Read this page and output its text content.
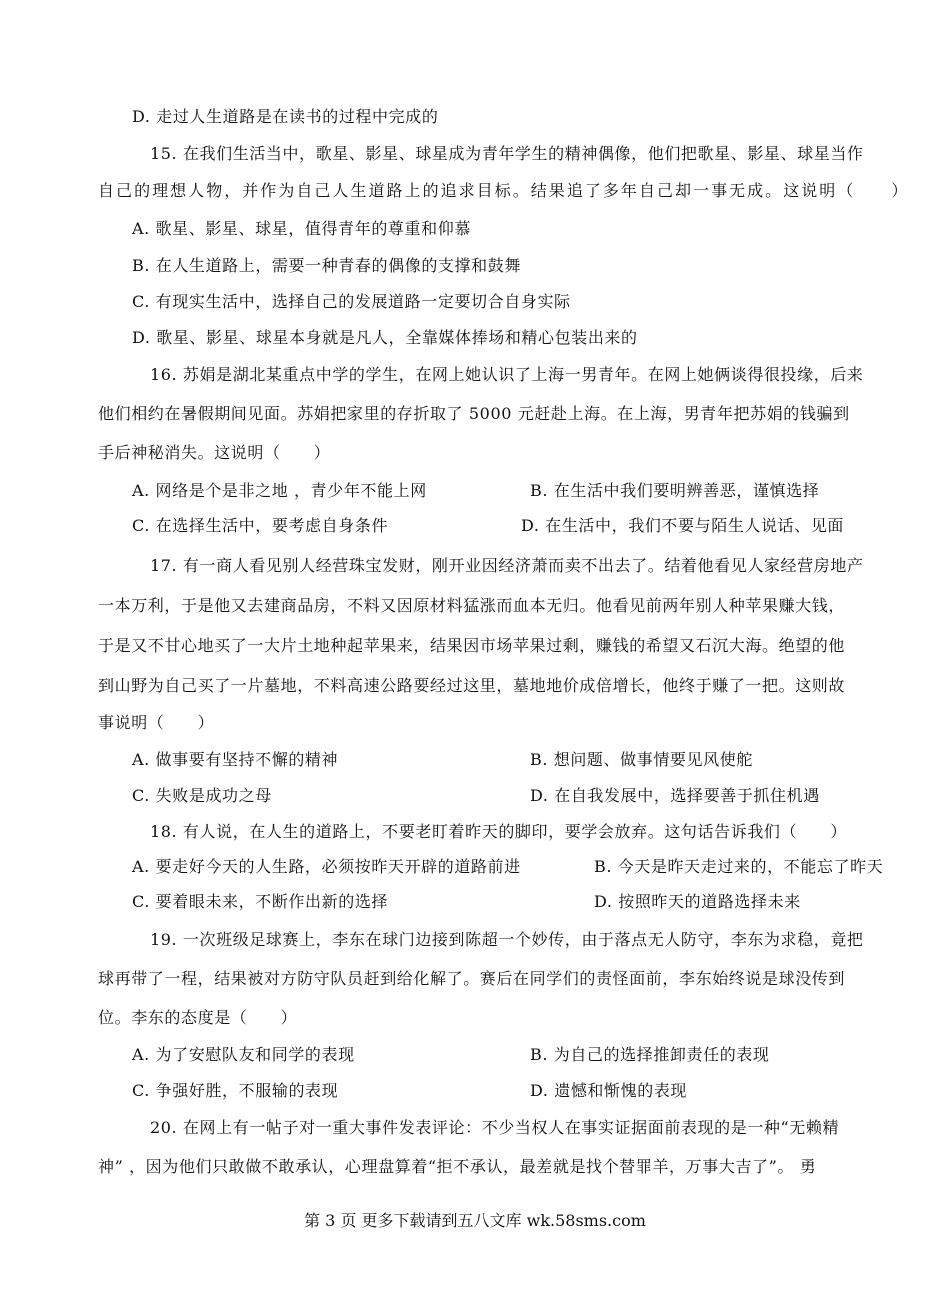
D. 走过人生道路是在读书的过程中完成的
15. 在我们生活当中，歌星、影星、球星成为青年学生的精神偶像，他们把歌星、影星、球星当作
自己的理想人物，并作为自己人生道路上的追求目标。结果追了多年自己却一事无成。这说明（　　）
A. 歌星、影星、球星，值得青年的尊重和仰慕
B. 在人生道路上，需要一种青春的偶像的支撑和鼓舞
C. 有现实生活中，选择自己的发展道路一定要切合自身实际
D. 歌星、影星、球星本身就是凡人，全靠媒体捧场和精心包装出来的
16. 苏娟是湖北某重点中学的学生，在网上她认识了上海一男青年。在网上她俩谈得很投缘，后来
他们相约在暑假期间见面。苏娟把家里的存折取了 5000 元赶赴上海。在上海，男青年把苏娟的钱骗到
手后神秘消失。这说明（　　）
A. 网络是个是非之地 ，青少年不能上网	B. 在生活中我们要明辨善恶，谨慎选择
C. 在选择生活中，要考虑自身条件	D. 在生活中，我们不要与陌生人说话、见面
17. 有一商人看见别人经营珠宝发财，刚开业因经济萧而卖不出去了。结着他看见人家经营房地产
一本万利，于是他又去建商品房，不料又因原材料猛涨而血本无归。他看见前两年别人种苹果赚大钱，
于是又不甘心地买了一大片土地种起苹果来，结果因市场苹果过剩，赚钱的希望又石沉大海。绝望的他
到山野为自己买了一片墓地，不料高速公路要经过这里，墓地地价成倍增长，他终于赚了一把。这则故
事说明（　　）
A. 做事要有坚持不懈的精神	B. 想问题、做事情要见风使舵
C. 失败是成功之母	D. 在自我发展中，选择要善于抓住机遇
18. 有人说，在人生的道路上，不要老盯着昨天的脚印，要学会放弃。这句话告诉我们（　　）
A. 要走好今天的人生路，必须按昨天开辟的道路前进	B. 今天是昨天走过来的，不能忘了昨天
C. 要着眼未来，不断作出新的选择	D. 按照昨天的道路选择未来
19. 一次班级足球赛上，李东在球门边接到陈超一个妙传，由于落点无人防守，李东为求稳，竟把
球再带了一程，结果被对方防守队员赶到给化解了。赛后在同学们的责怪面前，李东始终说是球没传到
位。李东的态度是（　　）
A. 为了安慰队友和同学的表现	B. 为自己的选择推卸责任的表现
C. 争强好胜，不服输的表现	D. 遗憾和惭愧的表现
20. 在网上有一帖子对一重大事件发表评论：不少当权人在事实证据面前表现的是一种“无赖精
神” ，因为他们只敢做不敢承认，心理盘算着“拒不承认，最差就是找个替罪羊，万事大吉了”。 勇
第 3 页 更多下载请到五八文库 wk.58sms.com
